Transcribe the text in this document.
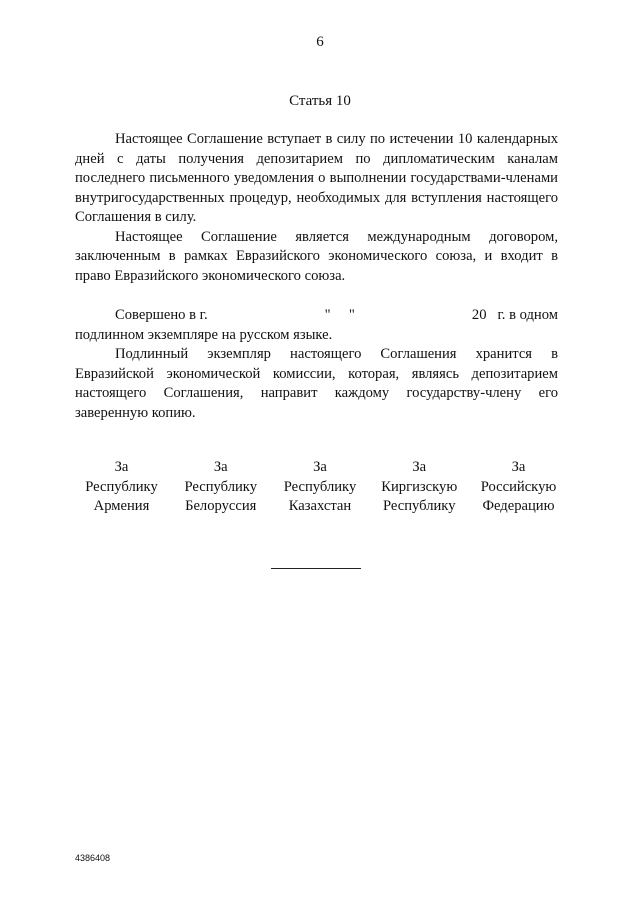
6
Статья 10

Настоящее Соглашение вступает в силу по истечении 10 календарных дней с даты получения депозитарием по дипломатическим каналам последнего письменного уведомления о выполнении государствами-членами внутригосударственных процедур, необходимых для вступления настоящего Соглашения в силу.

Настоящее Соглашение является международным договором, заключенным в рамках Евразийского экономического союза, и входит в право Евразийского экономического союза.

Совершено в г.	"     "	20   г. в одном

подлинном экземпляре на русском языке.

Подлинный экземпляр настоящего Соглашения хранится в Евразийской экономической комиссии, которая, являясь депозитарием настоящего Соглашения, направит каждому государству-члену его заверенную копию.

За
Республику
Армения
За
Республику
Белоруссия
За
Республику
Казахстан
За
Киргизскую
Республику
За
Российскую
Федерацию
4386408
